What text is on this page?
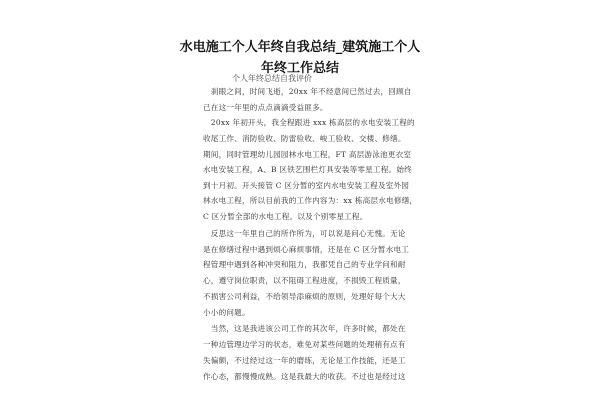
水电施工个人年终自我总结_建筑施工个人
年终工作总结
个人年终总结自我评价
　刹眼之间，时间飞逝，20xx 年不经意间已然过去，回顾自
己在这一年里的点点滴滴受益匪多。
　20xx 年初开头，我全程跟进 xxx 栋高层的水电安装工程的
收尾工作、消防验收、防雷验收、峻工验收、交楼、修缮。
期间，同时管理幼儿园园林水电工程，FT 高层游泳池更衣室
水电安装工程，A、B 区铁艺围栏灯具安装等零星工程。始终
到十月初。开头接管 C 区分暂的室内水电安装工程及室外园
林水电工程，所以目前我的工作内容为：xx 栋高层水电修缮，
C 区分暂全部的水电工程。以及个别零星工程。
　反思这一年里自己的所作所为，可以说是问心无愧。无论
是在修缮过程中遇到烦心麻烦事情，还是在 C 区分暂水电工
程管理中遇到各种冲突和阻力，我都凭自己的专业学问和耐
心，遵守岗位职责，以不阻碍工程进度，不损毁工程质量，
不损害公司利益，不给领导添麻烦的原则，处理好每个大大
小小的问题。
　当然，这是我进该公司工作的其次年，许多时候，都处在
一种边管理边学习的状态，难免对某些问题的处理稍有点有
失偏颇，不过经过这一年的磨练，无论是工作技能，还是工
作心态，都慢慢成熟。这是我最大的收获。不过也是经过这
